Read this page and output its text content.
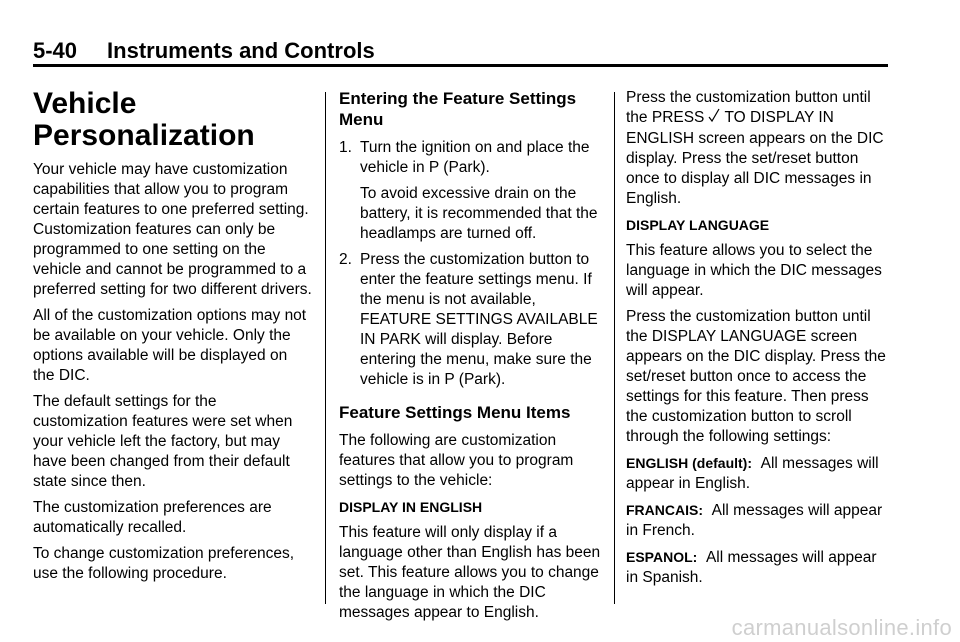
5-40 Instruments and Controls
Vehicle Personalization

Your vehicle may have customization capabilities that allow you to program certain features to one preferred setting. Customization features can only be programmed to one setting on the vehicle and cannot be programmed to a preferred setting for two different drivers.

All of the customization options may not be available on your vehicle. Only the options available will be displayed on the DIC.

The default settings for the customization features were set when your vehicle left the factory, but may have been changed from their default state since then.

The customization preferences are automatically recalled.

To change customization preferences, use the following procedure.

Entering the Feature Settings Menu
1. Turn the ignition on and place the vehicle in P (Park).

To avoid excessive drain on the battery, it is recommended that the headlamps are turned off.

2. Press the customization button to enter the feature settings menu. If the menu is not available, FEATURE SETTINGS AVAILABLE IN PARK will display. Before entering the menu, make sure the vehicle is in P (Park).

Feature Settings Menu Items

The following are customization features that allow you to program settings to the vehicle:

DISPLAY IN ENGLISH

This feature will only display if a language other than English has been set. This feature allows you to change the language in which the DIC messages appear to English.

Press the customization button until the PRESS TO DISPLAY IN ENGLISH screen appears on the DIC display. Press the set/reset button once to display all DIC messages in English.

DISPLAY LANGUAGE

This feature allows you to select the language in which the DIC messages will appear.

Press the customization button until the DISPLAY LANGUAGE screen appears on the DIC display. Press the set/reset button once to access the settings for this feature. Then press the customization button to scroll through the following settings:

ENGLISH (default): All messages will appear in English.

FRANCAIS: All messages will appear in French.

ESPANOL: All messages will appear in Spanish.

carmanualsonline.info
